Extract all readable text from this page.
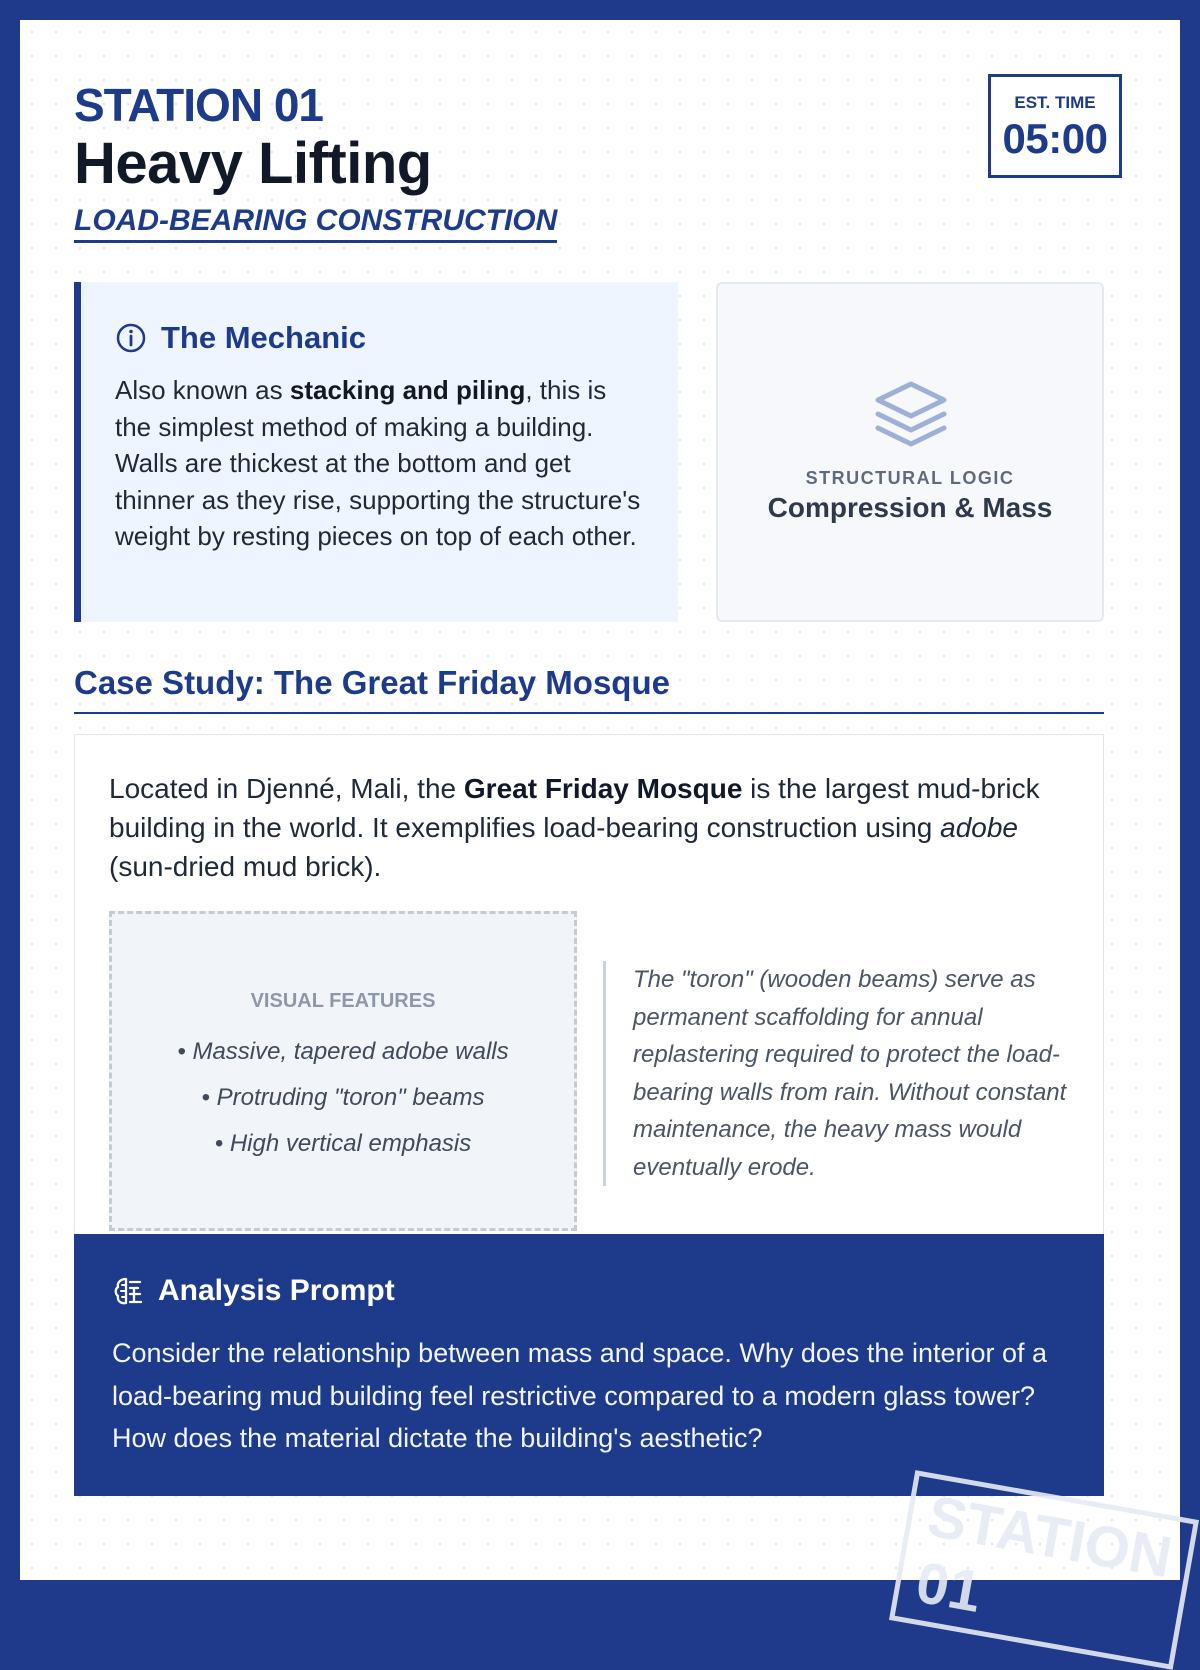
STATION 01
Heavy Lifting
LOAD-BEARING CONSTRUCTION
EST. TIME
05:00
The Mechanic
Also known as stacking and piling, this is the simplest method of making a building. Walls are thickest at the bottom and get thinner as they rise, supporting the structure's weight by resting pieces on top of each other.
STRUCTURAL LOGIC
Compression & Mass
Case Study: The Great Friday Mosque
Located in Djenné, Mali, the Great Friday Mosque is the largest mud-brick building in the world. It exemplifies load-bearing construction using adobe (sun-dried mud brick).
VISUAL FEATURES
• Massive, tapered adobe walls
• Protruding "toron" beams
• High vertical emphasis
The "toron" (wooden beams) serve as permanent scaffolding for annual replastering required to protect the load-bearing walls from rain. Without constant maintenance, the heavy mass would eventually erode.
Analysis Prompt
Consider the relationship between mass and space. Why does the interior of a load-bearing mud building feel restrictive compared to a modern glass tower? How does the material dictate the building's aesthetic?
STATION 01
